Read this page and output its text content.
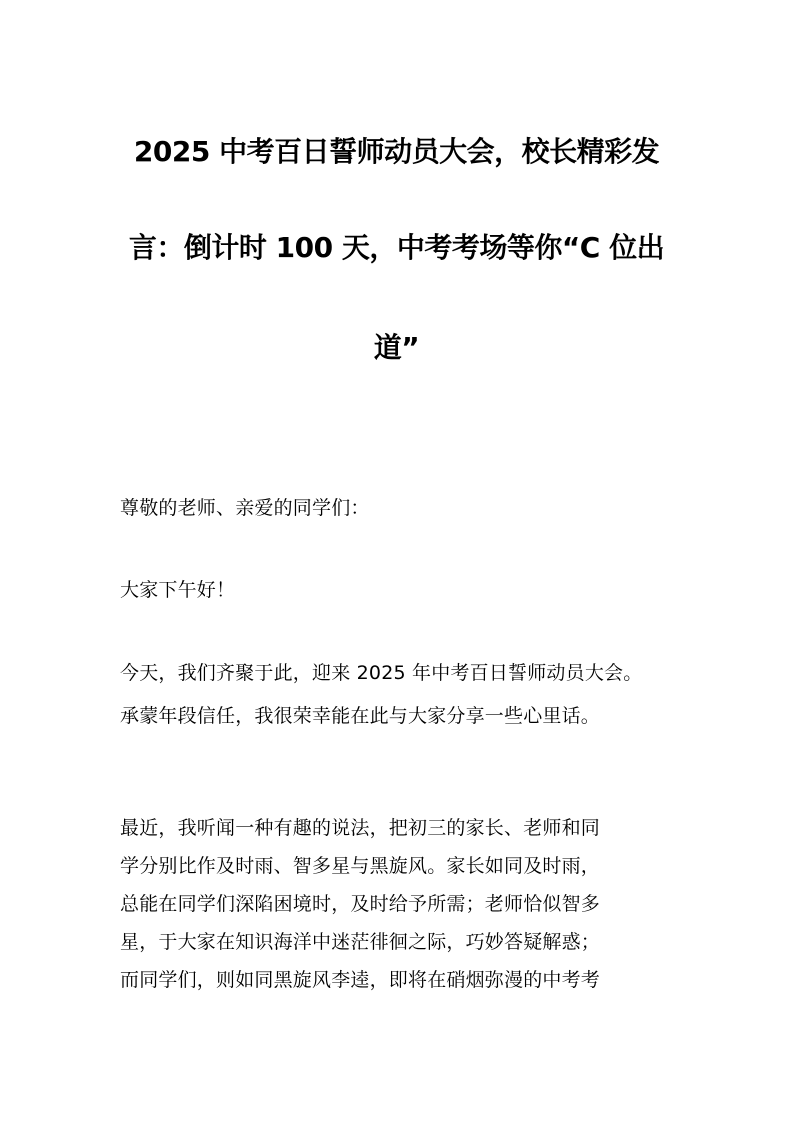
2025 中考百日誓师动员大会，校长精彩发
言：倒计时 100 天，中考考场等你“C 位出
道”
尊敬的老师、亲爱的同学们：
大家下午好！
今天，我们齐聚于此，迎来 2025 年中考百日誓师动员大会。
承蒙年段信任，我很荣幸能在此与大家分享一些心里话。
最近，我听闻一种有趣的说法，把初三的家长、老师和同
学分别比作及时雨、智多星与黑旋风。家长如同及时雨，
总能在同学们深陷困境时，及时给予所需；老师恰似智多
星，于大家在知识海洋中迷茫徘徊之际，巧妙答疑解惑；
而同学们，则如同黑旋风李逵，即将在硝烟弥漫的中考考
